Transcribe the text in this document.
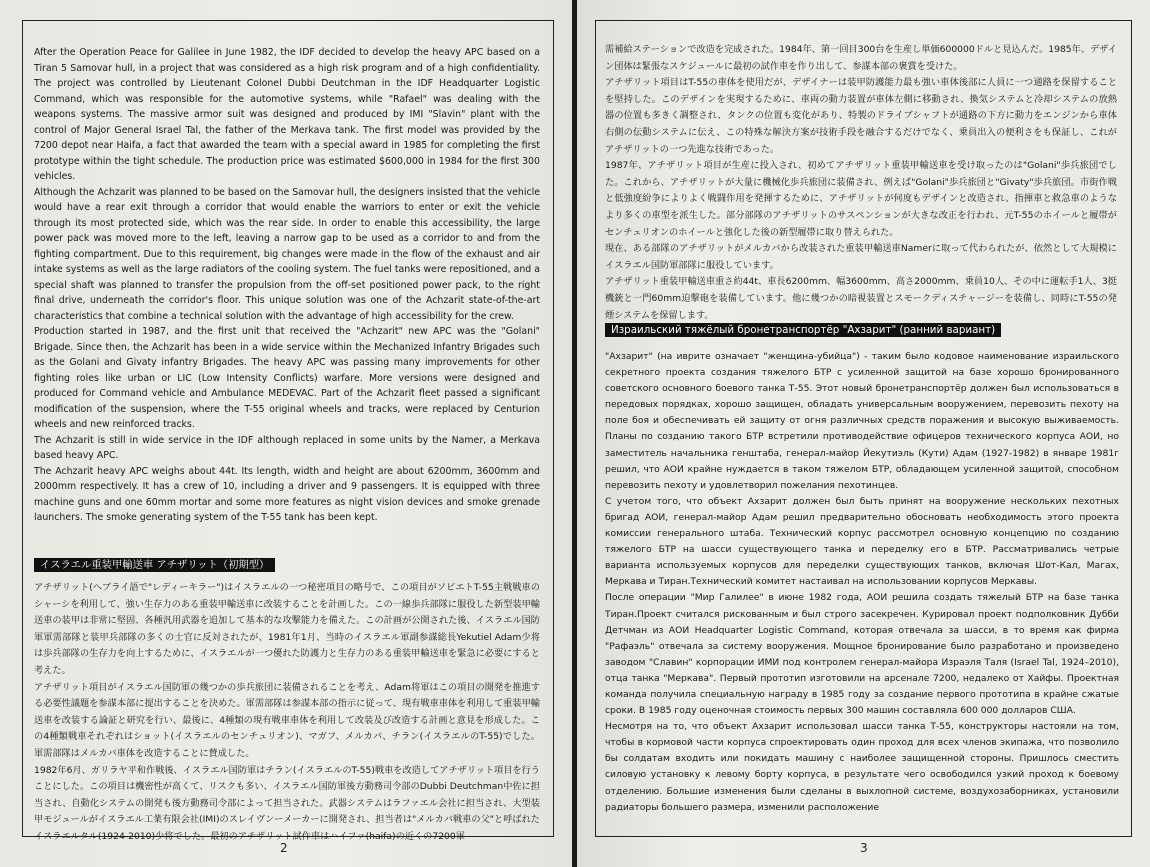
After the Operation Peace for Galilee in June 1982, the IDF decided to develop the heavy APC based on a Tiran 5 Samovar hull, in a project that was considered as a high risk program and of a high confidentiality. The project was controlled by Lieutenant Colonel Dubbi Deutchman in the IDF Headquarter Logistic Command, which was responsible for the automotive systems, while "Rafael" was dealing with the weapons systems. The massive armor suit was designed and produced by IMI "Slavin" plant with the control of Major General Israel Tal, the father of the Merkava tank. The first model was provided by the 7200 depot near Haifa, a fact that awarded the team with a special award in 1985 for completing the first prototype within the tight schedule. The production price was estimated $600,000 in 1984 for the first 300 vehicles.

Although the Achzarit was planned to be based on the Samovar hull, the designers insisted that the vehicle would have a rear exit through a corridor that would enable the warriors to enter or exit the vehicle through its most protected side, which was the rear side. In order to enable this accessibility, the large power pack was moved more to the left, leaving a narrow gap to be used as a corridor to and from the fighting compartment. Due to this requirement, big changes were made in the flow of the exhaust and air intake systems as well as the large radiators of the cooling system. The fuel tanks were repositioned, and a special shaft was planned to transfer the propulsion from the off-set positioned power pack, to the right final drive, underneath the corridor's floor. This unique solution was one of the Achzarit state-of-the-art characteristics that combine a technical solution with the advantage of high accessibility for the crew.

Production started in 1987, and the first unit that received the "Achzarit" new APC was the "Golani" Brigade. Since then, the Achzarit has been in a wide service within the Mechanized Infantry Brigades such as the Golani and Givaty infantry Brigades. The heavy APC was passing many improvements for other fighting roles like urban or LIC (Low Intensity Conflicts) warfare. More versions were designed and produced for Command vehicle and Ambulance MEDEVAC. Part of the Achzarit fleet passed a significant modification of the suspension, where the T-55 original wheels and tracks, were replaced by Centurion wheels and new reinforced tracks.

The Achzarit is still in wide service in the IDF although replaced in some units by the Namer, a Merkava based heavy APC.

The Achzarit heavy APC weighs about 44t. Its length, width and height are about 6200mm, 3600mm and 2000mm respectively. It has a crew of 10, including a driver and 9 passengers. It is equipped with three machine guns and one 60mm mortar and some more features as night vision devices and smoke grenade launchers. The smoke generating system of the T-55 tank has been kept.

イスラエル重装甲輸送車 アチザリット（初期型）

アチザリット(ヘブライ語で"レディーキラー")はイスラエルの一つ秘密項目の略号で、この項目がソビエトT-55主戦戦車のシャーシを利用して、強い生存力のある重装甲輸送車に改装することを計画した。この一線歩兵部隊に服役した新型装甲輸送車の装甲は非常に堅固、各種汎用武器を追加して基本的な攻撃能力を備えた。この計画が公開された後、イスラエル国防軍軍需部隊と装甲兵部隊の多くの士官に反対されたが、1981年1月、当時のイスラエル軍副参謀総長Yekutiel Adam少将は歩兵部隊の生存力を向上するために、イスラエルが一つ優れた防護力と生存力のある重装甲輸送車を緊急に必要にすると考えた。

アチザリット項目がイスラエル国防軍の幾つかの歩兵旅団に装備されることを考え、Adam将軍はこの項目の開発を推進する必要性議題を参謀本部に提出することを決めた。軍需部隊は参謀本部の指示に従って、現有戦車車体を利用して重装甲輸送車を改装する論証と研究を行い、最後に、4種類の現有戦車車体を利用して改装及び改造する計画と意見を形成した。この4種類戦車それぞれはショット(イスラエルのセンチュリオン)、マガフ、メルカバ、チラン(イスラエルのT-55)でした。軍需部隊はメルカバ車体を改造することに賛成した。

1982年6月、ガリラヤ平和作戦後、イスラエル国防軍はチラン(イスラエルのT-55)戦車を改造してアチザリット項目を行うことにした。この項目は機密性が高くて、リスクも多い、イスラエル国防軍後方動務司令部のDubbi Deutchman中佐に担当され、自動化システムの開発も後方動務司令部によって担当された。武器システムはラファエル会社に担当され、大型装甲モジュールがイスラエル工業有限会社(IMI)のスレイヴンーメーカーに開発され、担当者は"メルカバ戦車の父"と呼ばれたイスラエルタル(1924-2010)少将でした。最初のアチザリット試作車はハイファ(haifa)の近くの7200軍

2

需補給ステーションで改造を完成された。1984年、第一回目300台を生産し単価600000ドルと見込んだ。1985年、デザイン団体は緊張なスケジュールに最初の試作車を作り出して、参謀本部の褒賞を受けた。

アチザリット項目はT-55の車体を使用だが、デザイナーは装甲防護能力最も強い車体後部に人員に一つ通路を保留することを堅持した。このデザインを実現するために、車両の動力装置が車体左側に移動され、換気システムと冷却システムの放熱器の位置も多きく調整され、タンクの位置も変化があり、特製のドライブシャフトが通路の下方に動力をエンジンから車体右側の伝動システムに伝え、この特殊な解決方案が技術手段を融合するだけでなく、乗員出入の便利さをも保証し、これがアチザリットの一つ先進な技術であった。

1987年、アチザリット項目が生産に投入され、初めてアチザリット重装甲輸送車を受け取ったのは"Golani"歩兵旅団でした。これから、アチザリットが大量に機械化歩兵旅団に装備され、例えば"Golani"歩兵旅団と"Givaty"歩兵旅団。市街作戦と低強度紛争によりよく戦闘作用を発揮するために、アチザリットが何度もデザインと改造され、指揮車と救急車のようなより多くの車型を派生した。部分部隊のアチザリットのサスペンションが大きな改正を行われ、元T-55のホイールと履帯がセンチュリオンのホイールと強化した後の新型履帯に取り替えられた。

現在、ある部隊のアチザリットがメルカバから改装された重装甲輸送車Namerに取って代わられたが、依然として大規模にイスラエル国防軍部隊に服役しています。

アチザリット重装甲輸送車重さ約44t、車長6200mm、幅3600mm、高さ2000mm、乗員10人、その中に運転手1人、3挺機銃と一門60mm迫撃砲を装備しています。他に幾つかの暗視装置とスモークディスチャージーを装備し、同時にT-55の発煙システムを保留します。

Израильский тяжёлый бронетранспортёр "Ахзарит" (ранний вариант)

"Ахзарит" (на иврите означает "женщина-убийца") - таким было кодовое наименование израильского секретного проекта создания тяжелого БТР с усиленной защитой на базе хорошо бронированного советского основного боевого танка Т-55. Этот новый бронетранспортёр должен был использоваться в передовых порядках, хорошо защищен, обладать универсальным вооружением, перевозить пехоту на поле боя и обеспечивать ей защиту от огня различных средств поражения и высокую выживаемость. Планы по созданию такого БТР встретили противодействие офицеров технического корпуса АОИ, но заместитель начальника генштаба, генерал-майор Йекутиэль (Кути) Адам (1927-1982) в январе 1981г решил, что АОИ крайне нуждается в таком тяжелом БТР, обладающем усиленной защитой, способном перевозить пехоту и удовлетворил пожелания пехотинцев.

С учетом того, что объект Ахзарит должен был быть принят на вооружение нескольких пехотных бригад АОИ, генерал-майор Адам решил предварительно обосновать необходимость этого проекта комиссии генерального штаба. Технический корпус рассмотрел основную концепцию по созданию тяжелого БТР на шасси существующего танка и переделку его в БТР. Рассматривались четрые варианта используемых корпусов для переделки существующих танков, включая Шот-Кал, Магах, Меркава и Тиран.Технический комитет настаивал на использовании корпусов Меркавы.

После операции "Мир Галилее" в июне 1982 года, АОИ решила создать тяжелый БТР на базе танка Тиран.Проект считался рискованным и был строго засекречен. Курировал проект подполковник Дубби Детчман из АОИ Headquarter Logistic Command, которая отвечала за шасси, в то время как фирма "Рафаэль" отвечала за систему вооружения. Мощное бронирование было разработано и произведено заводом "Славин" корпорации ИМИ под контролем генерал-майора Израэля Таля (Israel Tal, 1924–2010), отца танка "Меркава". Первый прототип изготовили на арсенале 7200, недалеко от Хайфы. Проектная команда получила специальную награду в 1985 году за создание первого прототипа в крайне сжатые сроки. В 1985 году оценочная стоимость первых 300 машин составляла 600 000 долларов США.

Несмотря на то, что объект Ахзарит использовал шасси танка Т-55, конструкторы настояли на том, чтобы в кормовой части корпуса спроектировать один проход для всех членов экипажа, что позволило бы солдатам входить или покидать машину с наиболее защищенной стороны. Пришлось сместить силовую установку к левому борту корпуса, в результате чего освободился узкий проход к боевому отделению. Большие изменения были сделаны в выхлопной системе, воздухозаборниках, установили радиаторы большего размера, изменили расположение

3
